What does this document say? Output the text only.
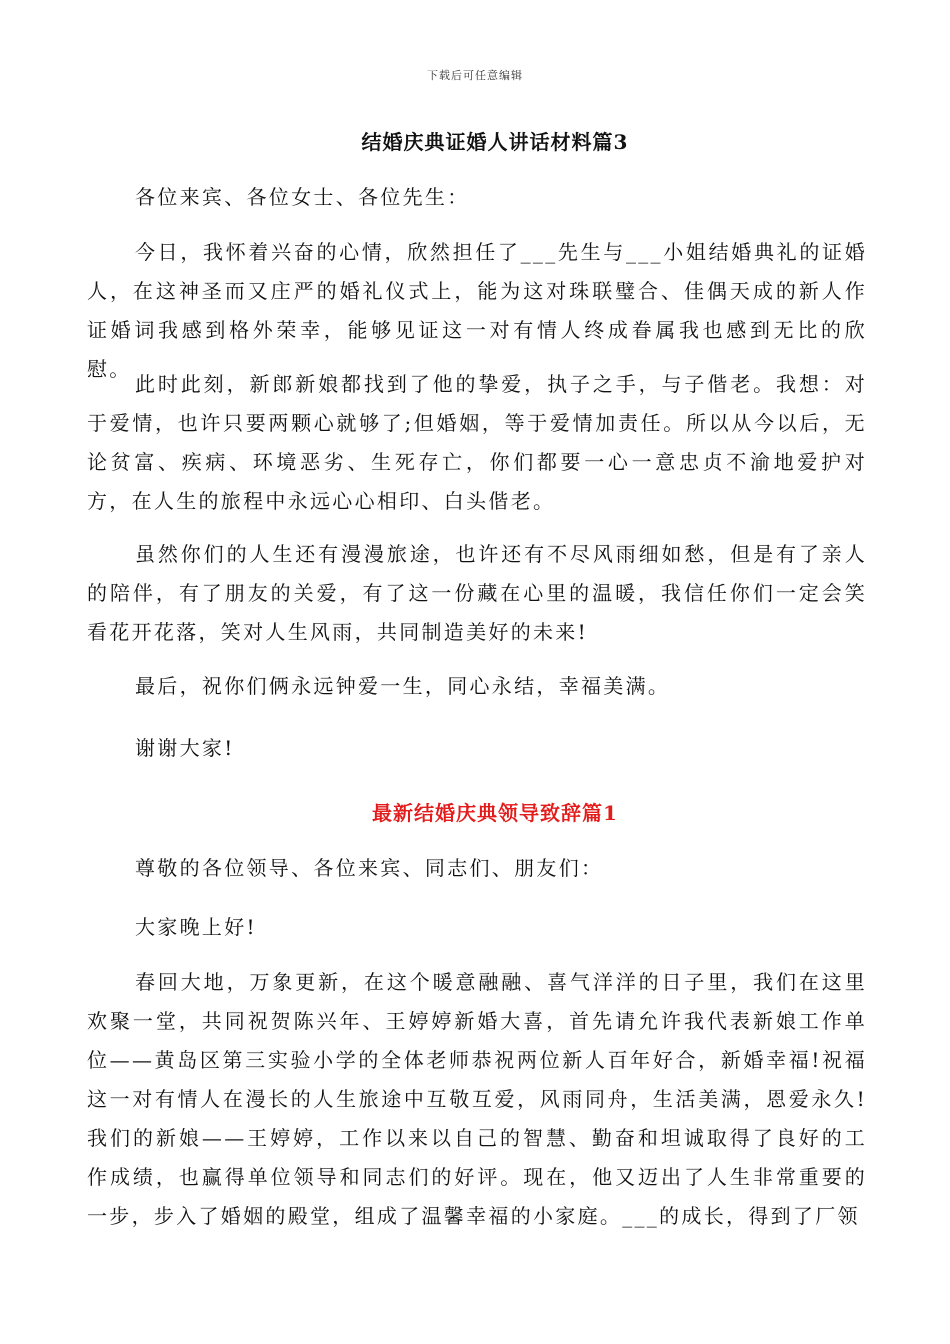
下载后可任意编辑
结婚庆典证婚人讲话材料篇3

各位来宾、各位女士、各位先生：

今日，我怀着兴奋的心情，欣然担任了___先生与___小姐结婚典礼的证婚人，在这神圣而又庄严的婚礼仪式上，能为这对珠联璧合、佳偶天成的新人作证婚词我感到格外荣幸，能够见证这一对有情人终成眷属我也感到无比的欣慰。

此时此刻，新郎新娘都找到了他的挚爱，执子之手，与子偕老。我想：对于爱情，也许只要两颗心就够了;但婚姻，等于爱情加责任。所以从今以后，无论贫富、疾病、环境恶劣、生死存亡，你们都要一心一意忠贞不渝地爱护对方，在人生的旅程中永远心心相印、白头偕老。

虽然你们的人生还有漫漫旅途，也许还有不尽风雨细如愁，但是有了亲人的陪伴，有了朋友的关爱，有了这一份藏在心里的温暖，我信任你们一定会笑看花开花落，笑对人生风雨，共同制造美好的未来!

最后，祝你们俩永远钟爱一生，同心永结，幸福美满。

谢谢大家!

最新结婚庆典领导致辞篇1

尊敬的各位领导、各位来宾、同志们、朋友们：

大家晚上好!

春回大地，万象更新，在这个暖意融融、喜气洋洋的日子里，我们在这里欢聚一堂，共同祝贺陈兴年、王婷婷新婚大喜，首先请允许我代表新娘工作单位——黄岛区第三实验小学的全体老师恭祝两位新人百年好合，新婚幸福!祝福这一对有情人在漫长的人生旅途中互敬互爱，风雨同舟，生活美满，恩爱永久!我们的新娘——王婷婷，工作以来以自己的智慧、勤奋和坦诚取得了良好的工作成绩，也赢得单位领导和同志们的好评。现在，他又迈出了人生非常重要的一步，步入了婚姻的殿堂，组成了温馨幸福的小家庭。___的成长，得到了厂领
